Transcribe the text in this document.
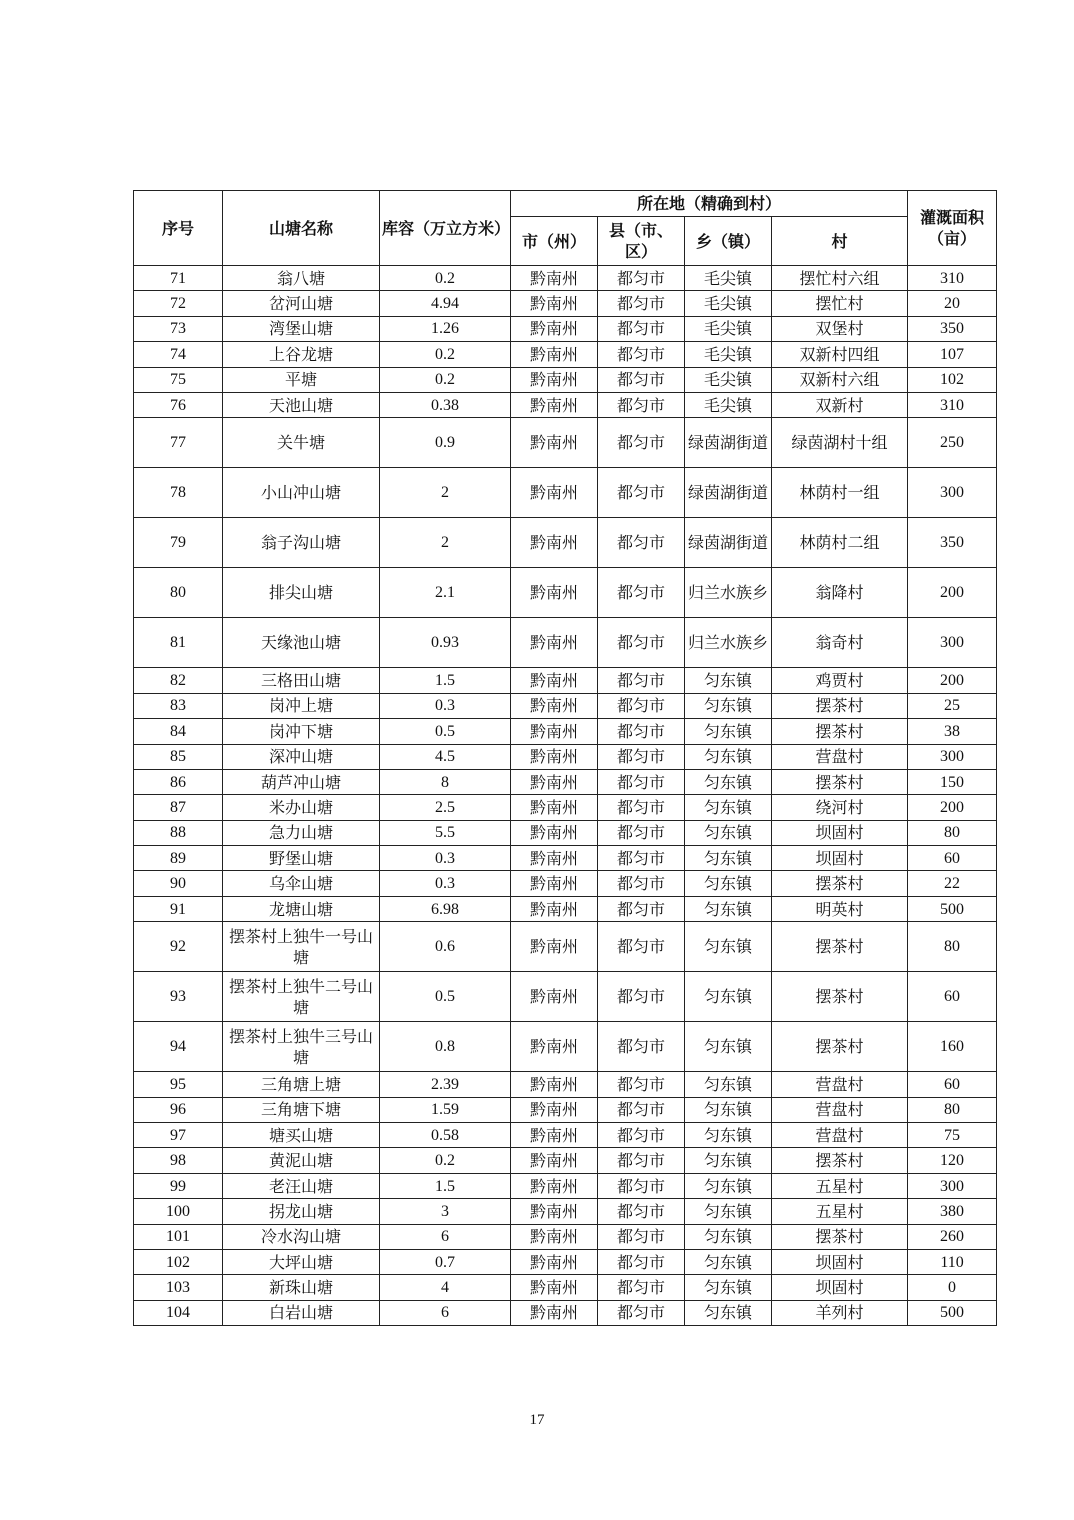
序号	山塘名称	库容（万立方米）	所在地（精确到村）				灌溉面积（亩）
			市（州）	县（市、区）	乡（镇）	村	
71	翁八塘	0.2	黔南州	都匀市	毛尖镇	摆忙村六组	310
72	岔河山塘	4.94	黔南州	都匀市	毛尖镇	摆忙村	20
73	湾堡山塘	1.26	黔南州	都匀市	毛尖镇	双堡村	350
74	上谷龙塘	0.2	黔南州	都匀市	毛尖镇	双新村四组	107
75	平塘	0.2	黔南州	都匀市	毛尖镇	双新村六组	102
76	天池山塘	0.38	黔南州	都匀市	毛尖镇	双新村	310
77	关牛塘	0.9	黔南州	都匀市	绿茵湖街道	绿茵湖村十组	250
78	小山冲山塘	2	黔南州	都匀市	绿茵湖街道	林荫村一组	300
79	翁子沟山塘	2	黔南州	都匀市	绿茵湖街道	林荫村二组	350
80	排尖山塘	2.1	黔南州	都匀市	归兰水族乡	翁降村	200
81	天缘池山塘	0.93	黔南州	都匀市	归兰水族乡	翁奇村	300
82	三格田山塘	1.5	黔南州	都匀市	匀东镇	鸡贾村	200
83	岗冲上塘	0.3	黔南州	都匀市	匀东镇	摆茶村	25
84	岗冲下塘	0.5	黔南州	都匀市	匀东镇	摆茶村	38
85	深冲山塘	4.5	黔南州	都匀市	匀东镇	营盘村	300
86	葫芦冲山塘	8	黔南州	都匀市	匀东镇	摆茶村	150
87	米办山塘	2.5	黔南州	都匀市	匀东镇	绕河村	200
88	急力山塘	5.5	黔南州	都匀市	匀东镇	坝固村	80
89	野堡山塘	0.3	黔南州	都匀市	匀东镇	坝固村	60
90	乌伞山塘	0.3	黔南州	都匀市	匀东镇	摆茶村	22
91	龙塘山塘	6.98	黔南州	都匀市	匀东镇	明英村	500
92	摆茶村上独牛一号山塘	0.6	黔南州	都匀市	匀东镇	摆茶村	80
93	摆茶村上独牛二号山塘	0.5	黔南州	都匀市	匀东镇	摆茶村	60
94	摆茶村上独牛三号山塘	0.8	黔南州	都匀市	匀东镇	摆茶村	160
95	三角塘上塘	2.39	黔南州	都匀市	匀东镇	营盘村	60
96	三角塘下塘	1.59	黔南州	都匀市	匀东镇	营盘村	80
97	塘买山塘	0.58	黔南州	都匀市	匀东镇	营盘村	75
98	黄泥山塘	0.2	黔南州	都匀市	匀东镇	摆茶村	120
99	老汪山塘	1.5	黔南州	都匀市	匀东镇	五星村	300
100	拐龙山塘	3	黔南州	都匀市	匀东镇	五星村	380
101	冷水沟山塘	6	黔南州	都匀市	匀东镇	摆茶村	260
102	大坪山塘	0.7	黔南州	都匀市	匀东镇	坝固村	110
103	新珠山塘	4	黔南州	都匀市	匀东镇	坝固村	0
104	白岩山塘	6	黔南州	都匀市	匀东镇	羊列村	500
17
